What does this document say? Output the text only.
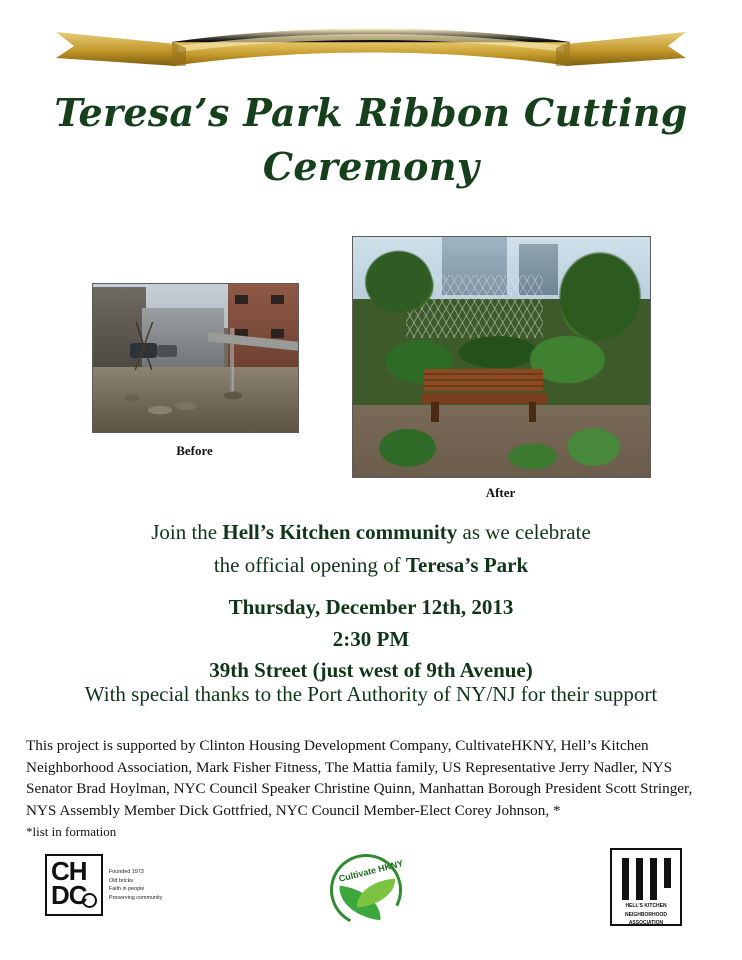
Teresa’s Park Ribbon Cutting
Ceremony
Before
After
Join the Hell’s Kitchen community as we celebrate
the official opening of Teresa’s Park
Thursday, December 12th, 2013
2:30 PM
39th Street (just west of 9th Avenue)
With special thanks to the Port Authority of NY/NJ for their support
This project is supported by Clinton Housing Development Company, CultivateHKNY, Hell’s Kitchen Neighborhood Association, Mark Fisher Fitness, The Mattia family, US Representative Jerry Nadler, NYS Senator Brad Hoylman, NYC Council Speaker Christine Quinn, Manhattan Borough President Scott Stringer, NYS Assembly Member Dick Gottfried, NYC Council Member-Elect Corey Johnson, *
*list in formation
CH
DC
Founded 1973
Old bricks
Faith in people
Preserving community
Cultivate HKNY
HELL’S KITCHEN
NEIGHBORHOOD
ASSOCIATION
